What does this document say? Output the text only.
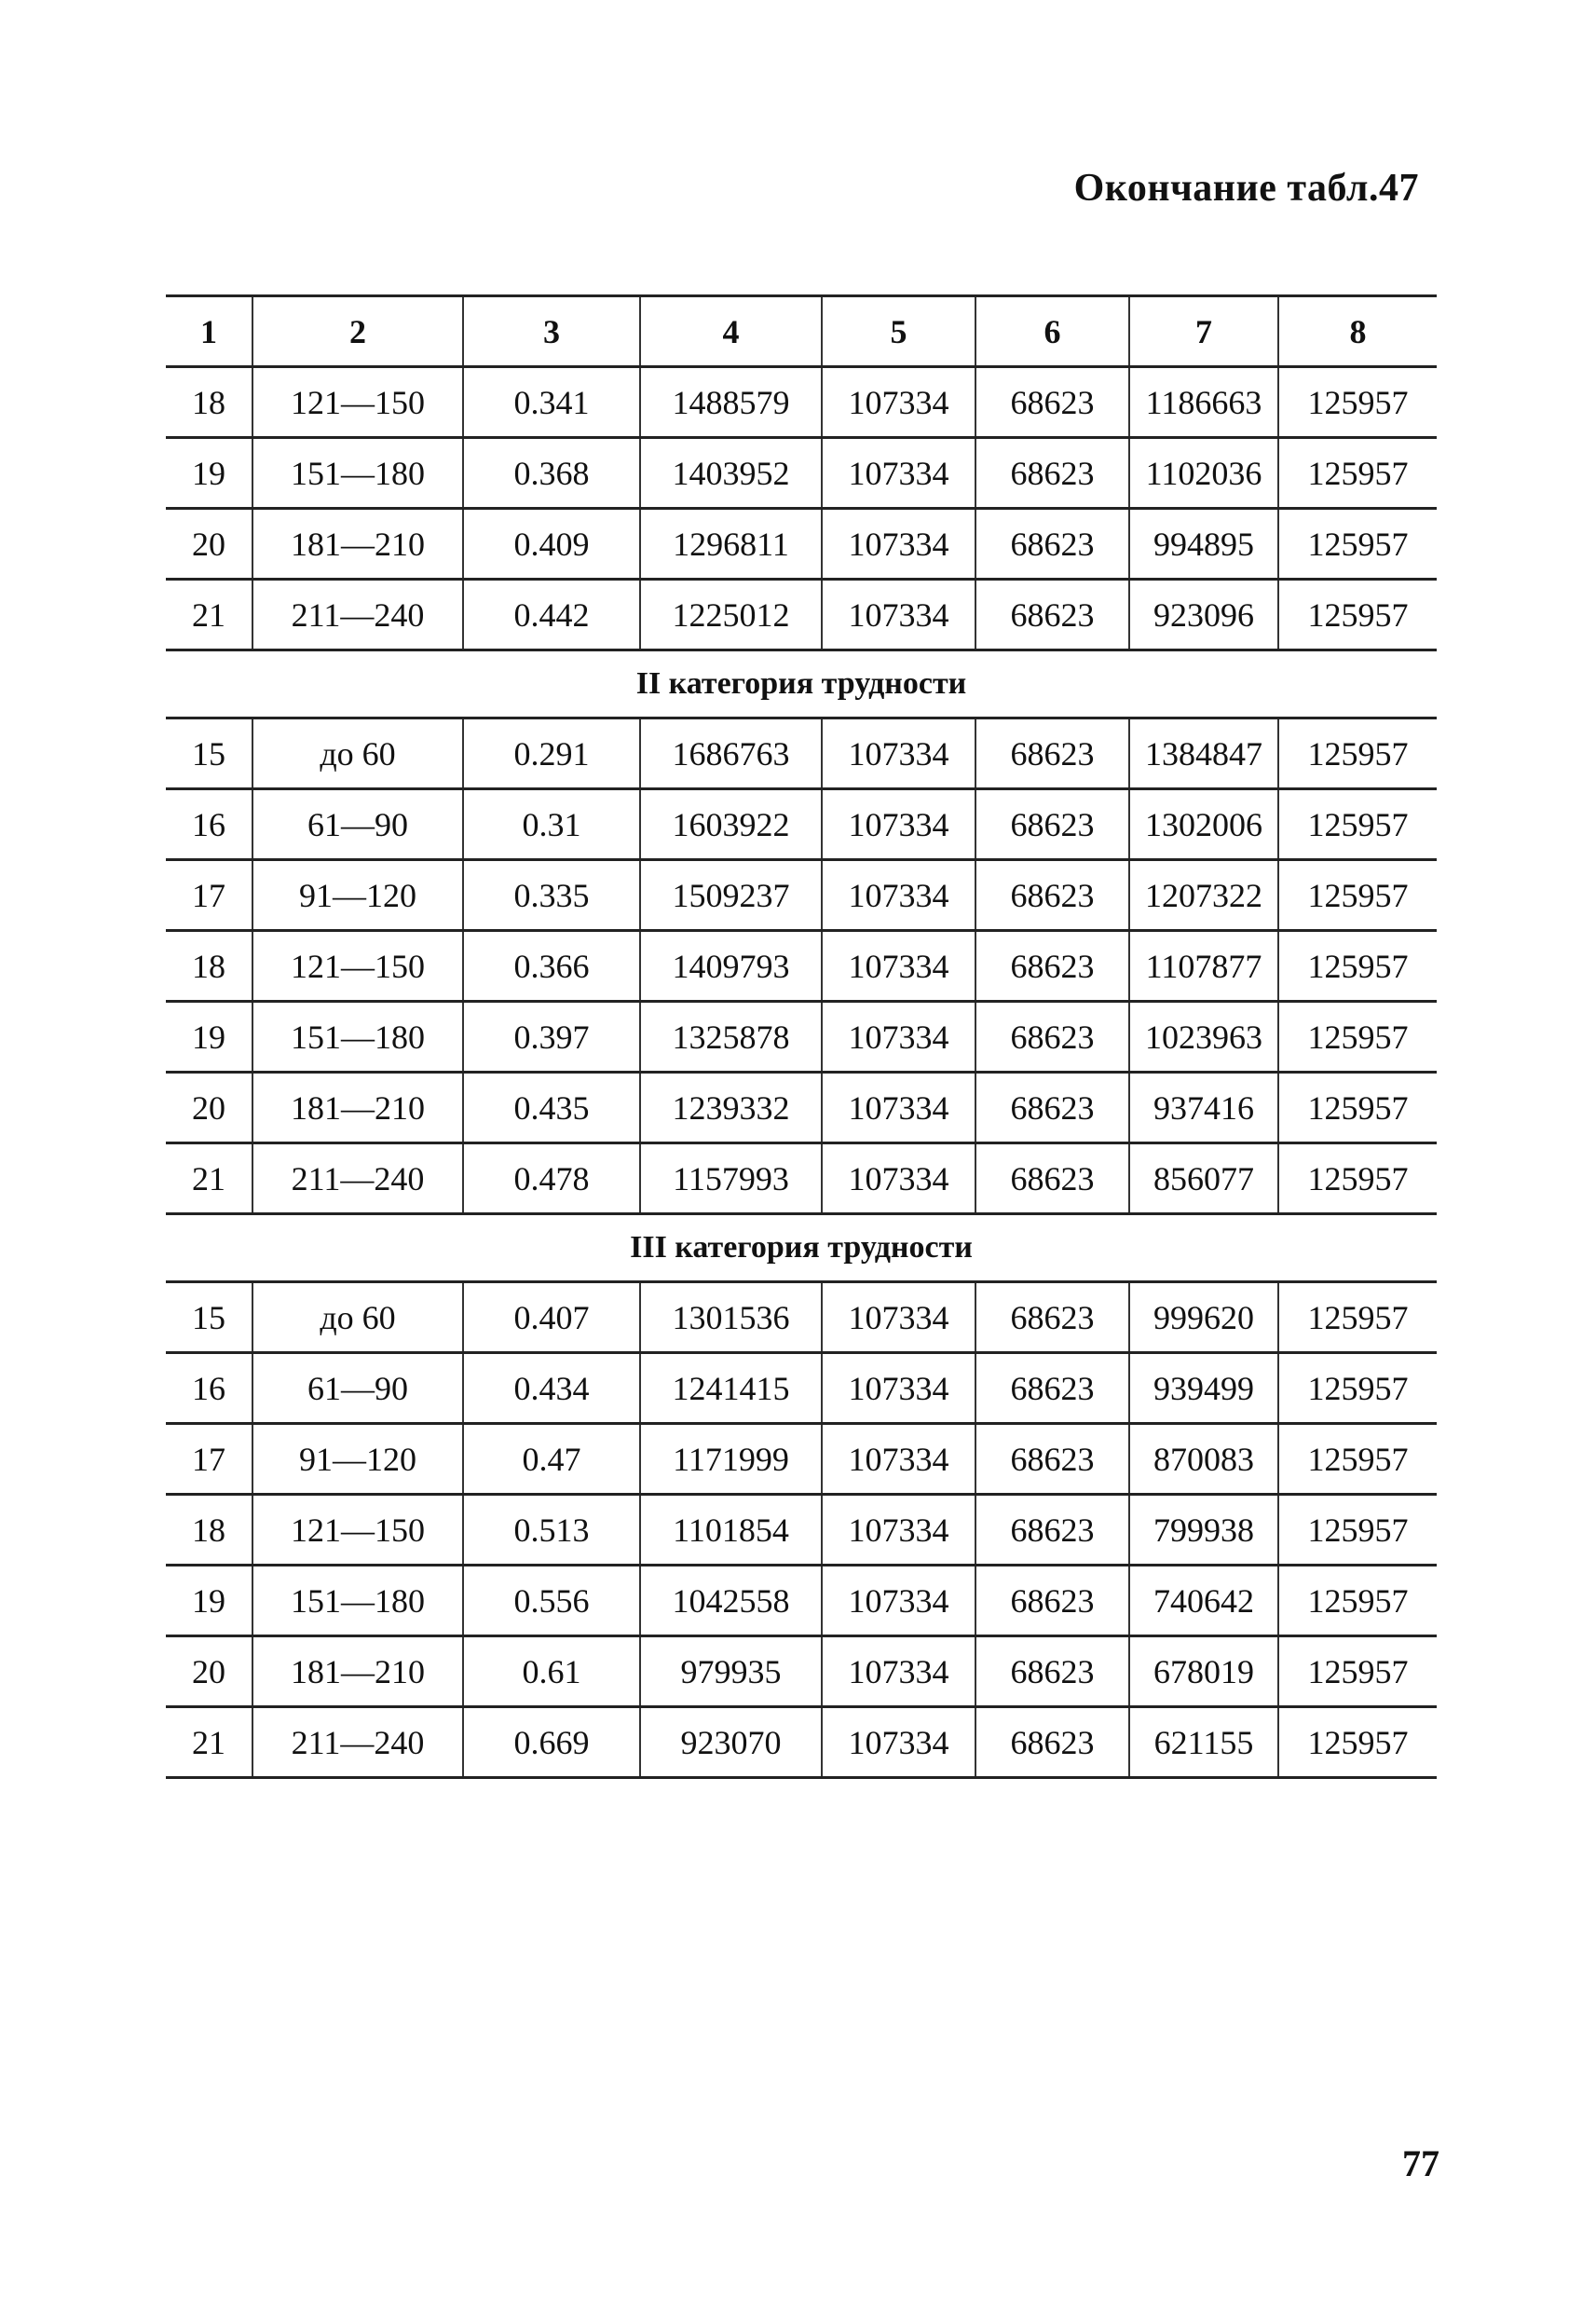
Окончание табл.47
1	2	3	4	5	6	7	8
18	121—150	0.341	1488579	107334	68623	1186663	125957
19	151—180	0.368	1403952	107334	68623	1102036	125957
20	181—210	0.409	1296811	107334	68623	994895	125957
21	211—240	0.442	1225012	107334	68623	923096	125957
II категория трудности							
15	до 60	0.291	1686763	107334	68623	1384847	125957
16	61—90	0.31	1603922	107334	68623	1302006	125957
17	91—120	0.335	1509237	107334	68623	1207322	125957
18	121—150	0.366	1409793	107334	68623	1107877	125957
19	151—180	0.397	1325878	107334	68623	1023963	125957
20	181—210	0.435	1239332	107334	68623	937416	125957
21	211—240	0.478	1157993	107334	68623	856077	125957
III категория трудности							
15	до 60	0.407	1301536	107334	68623	999620	125957
16	61—90	0.434	1241415	107334	68623	939499	125957
17	91—120	0.47	1171999	107334	68623	870083	125957
18	121—150	0.513	1101854	107334	68623	799938	125957
19	151—180	0.556	1042558	107334	68623	740642	125957
20	181—210	0.61	979935	107334	68623	678019	125957
21	211—240	0.669	923070	107334	68623	621155	125957
77
